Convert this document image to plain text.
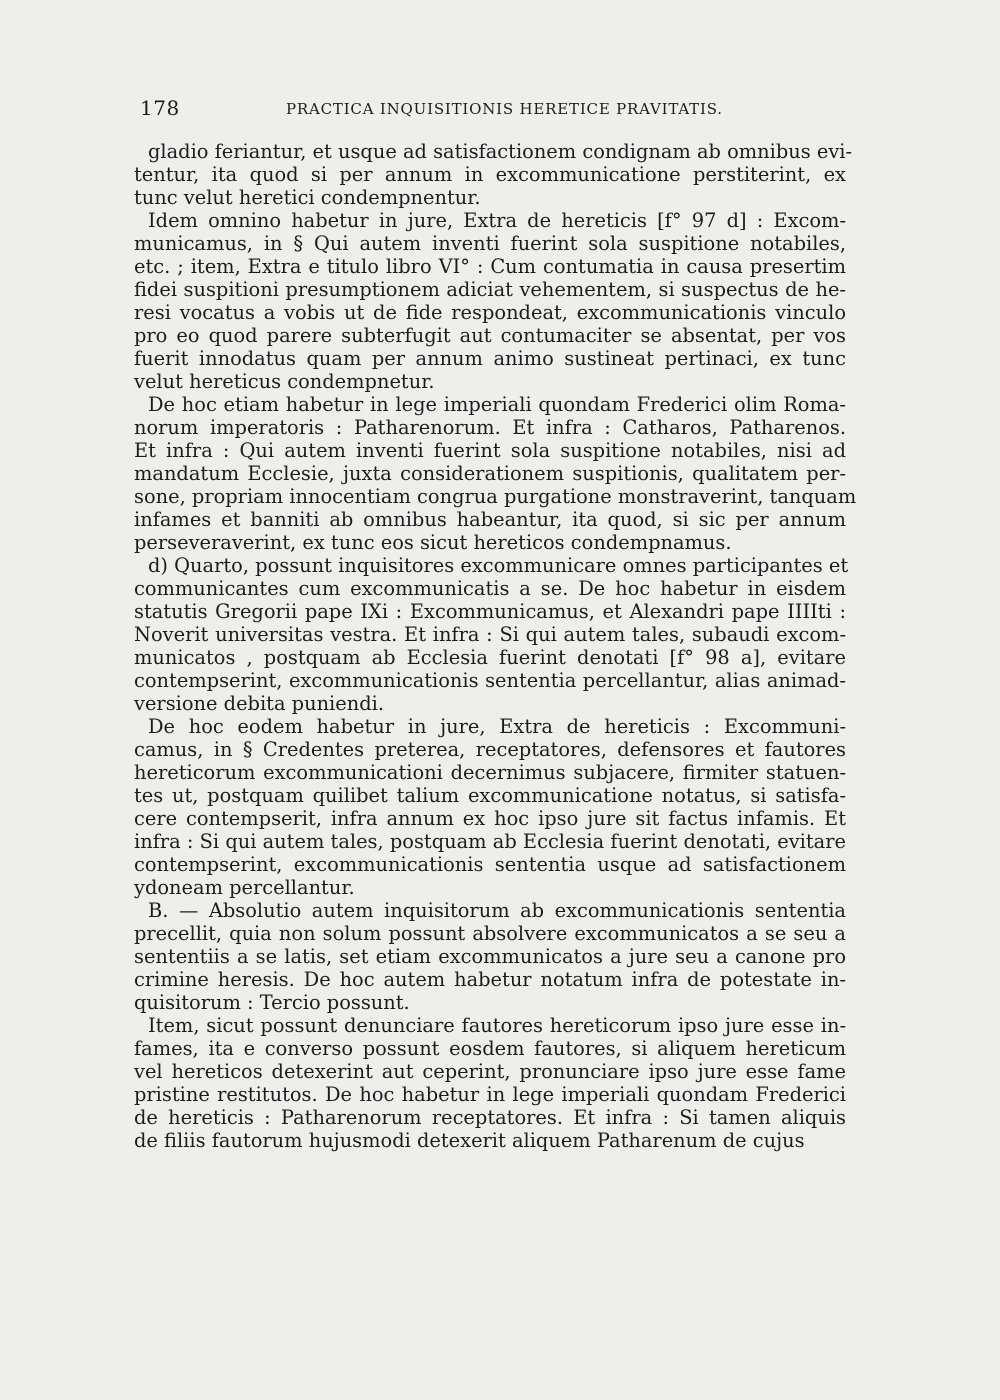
178	PRACTICA INQUISITIONIS HERETICE PRAVITATIS.
gladio feriantur, et usque ad satisfactionem condignam ab omnibus evi-
tentur, ita quod si per annum in excommunicatione perstiterint, ex
tunc velut heretici condempnentur.
Idem omnino habetur in jure, Extra de hereticis [f° 97 d] : Excom-
municamus, in § Qui autem inventi fuerint sola suspitione notabiles,
etc. ; item, Extra e titulo libro VI° : Cum contumatia in causa presertim
fidei suspitioni presumptionem adiciat vehementem, si suspectus de he-
resi vocatus a vobis ut de fide respondeat, excommunicationis vinculo
pro eo quod parere subterfugit aut contumaciter se absentat, per vos
fuerit innodatus quam per annum animo sustineat pertinaci, ex tunc
velut hereticus condempnetur.
De hoc etiam habetur in lege imperiali quondam Frederici olim Roma-
norum imperatoris : Patharenorum. Et infra : Catharos, Patharenos.
Et infra : Qui autem inventi fuerint sola suspitione notabiles, nisi ad
mandatum Ecclesie, juxta considerationem suspitionis, qualitatem per-
sone, propriam innocentiam congrua purgatione monstraverint, tanquam
infames et banniti ab omnibus habeantur, ita quod, si sic per annum
perseveraverint, ex tunc eos sicut hereticos condempnamus.
d) Quarto, possunt inquisitores excommunicare omnes participantes et
communicantes cum excommunicatis a se. De hoc habetur in eisdem
statutis Gregorii pape IXi : Excommunicamus, et Alexandri pape IIIIti :
Noverit universitas vestra. Et infra : Si qui autem tales, subaudi excom-
municatos , postquam ab Ecclesia fuerint denotati [f° 98 a], evitare
contempserint, excommunicationis sententia percellantur, alias animad-
versione debita puniendi.
De hoc eodem habetur in jure, Extra de hereticis : Excommuni-
camus, in § Credentes preterea, receptatores, defensores et fautores
hereticorum excommunicationi decernimus subjacere, firmiter statuen-
tes ut, postquam quilibet talium excommunicatione notatus, si satisfa-
cere contempserit, infra annum ex hoc ipso jure sit factus infamis. Et
infra : Si qui autem tales, postquam ab Ecclesia fuerint denotati, evitare
contempserint, excommunicationis sententia usque ad satisfactionem
ydoneam percellantur.
B. — Absolutio autem inquisitorum ab excommunicationis sententia
precellit, quia non solum possunt absolvere excommunicatos a se seu a
sententiis a se latis, set etiam excommunicatos a jure seu a canone pro
crimine heresis. De hoc autem habetur notatum infra de potestate in-
quisitorum : Tercio possunt.
Item, sicut possunt denunciare fautores hereticorum ipso jure esse in-
fames, ita e converso possunt eosdem fautores, si aliquem hereticum
vel hereticos detexerint aut ceperint, pronunciare ipso jure esse fame
pristine restitutos. De hoc habetur in lege imperiali quondam Frederici
de hereticis : Patharenorum receptatores. Et infra : Si tamen aliquis
de filiis fautorum hujusmodi detexerit aliquem Patharenum de cujus
